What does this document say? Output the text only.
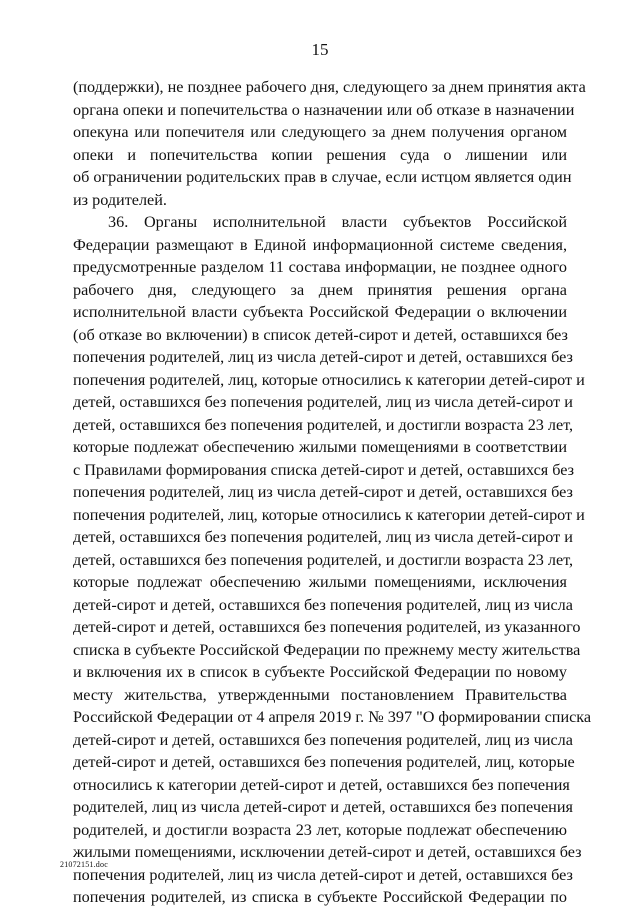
15
(поддержки), не позднее рабочего дня, следующего за днем принятия акта
органа опеки и попечительства о назначении или об отказе в назначении
опекуна или попечителя или следующего за днем получения органом
опеки и попечительства копии решения суда о лишении или
об ограничении родительских прав в случае, если истцом является один
из родителей.
36. Органы исполнительной власти субъектов Российской
Федерации размещают в Единой информационной системе сведения,
предусмотренные разделом 11 состава информации, не позднее одного
рабочего дня, следующего за днем принятия решения органа
исполнительной власти субъекта Российской Федерации о включении
(об отказе во включении) в список детей-сирот и детей, оставшихся без
попечения родителей, лиц из числа детей-сирот и детей, оставшихся без
попечения родителей, лиц, которые относились к категории детей-сирот и
детей, оставшихся без попечения родителей, лиц из числа детей-сирот и
детей, оставшихся без попечения родителей, и достигли возраста 23 лет,
которые подлежат обеспечению жилыми помещениями в соответствии
с Правилами формирования списка детей-сирот и детей, оставшихся без
попечения родителей, лиц из числа детей-сирот и детей, оставшихся без
попечения родителей, лиц, которые относились к категории детей-сирот и
детей, оставшихся без попечения родителей, лиц из числа детей-сирот и
детей, оставшихся без попечения родителей, и достигли возраста 23 лет,
которые подлежат обеспечению жилыми помещениями, исключения
детей-сирот и детей, оставшихся без попечения родителей, лиц из числа
детей-сирот и детей, оставшихся без попечения родителей, из указанного
списка в субъекте Российской Федерации по прежнему месту жительства
и включения их в список в субъекте Российской Федерации по новому
месту жительства, утвержденными постановлением Правительства
Российской Федерации от 4 апреля 2019 г. № 397 "О формировании списка
детей-сирот и детей, оставшихся без попечения родителей, лиц из числа
детей-сирот и детей, оставшихся без попечения родителей, лиц, которые
относились к категории детей-сирот и детей, оставшихся без попечения
родителей, лиц из числа детей-сирот и детей, оставшихся без попечения
родителей, и достигли возраста 23 лет, которые подлежат обеспечению
жилыми помещениями, исключении детей-сирот и детей, оставшихся без
попечения родителей, лиц из числа детей-сирот и детей, оставшихся без
попечения родителей, из списка в субъекте Российской Федерации по
21072151.doc
